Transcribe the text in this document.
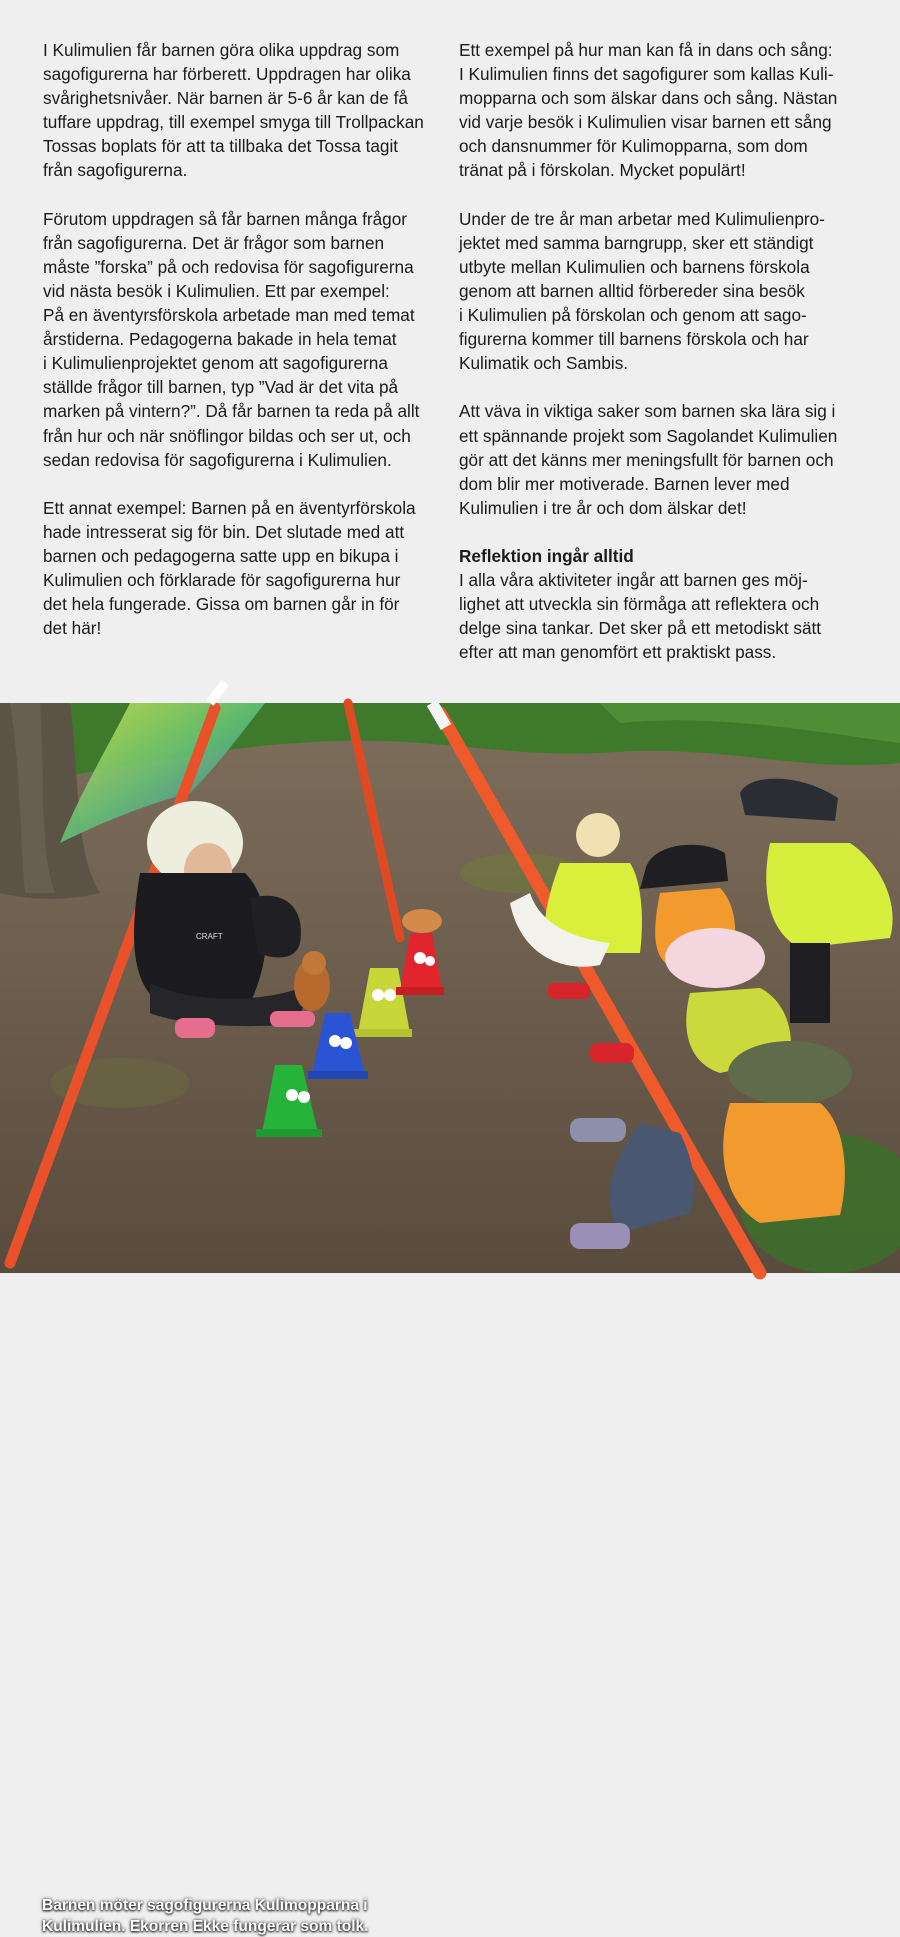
I Kulimulien får barnen göra olika uppdrag som
sagofigurerna har förberett. Uppdragen har olika
svårighetsnivåer. När barnen är 5-6 år kan de få
tuffare uppdrag, till exempel smyga till Trollpackan
Tossas boplats för att ta tillbaka det Tossa tagit
från sagofigurerna.

Förutom uppdragen så får barnen många frågor
från sagofigurerna. Det är frågor som barnen
måste ”forska” på och redovisa för sagofigurerna
vid nästa besök i Kulimulien. Ett par exempel:
På en äventyrsförskola arbetade man med temat
årstiderna. Pedagogerna bakade in hela temat
i Kulimulienprojektet genom att sagofigurerna
ställde frågor till barnen, typ ”Vad är det vita på
marken på vintern?”. Då får barnen ta reda på allt
från hur och när snöflingor bildas och ser ut, och
sedan redovisa för sagofigurerna i Kulimulien.

Ett annat exempel: Barnen på en äventyrförskola
hade intresserat sig för bin. Det slutade med att
barnen och pedagogerna satte upp en bikupa i
Kulimulien och förklarade för sagofigurerna hur
det hela fungerade. Gissa om barnen går in för
det här!

Ett exempel på hur man kan få in dans och sång:
I Kulimulien finns det sagofigurer som kallas Kuli-
mopparna och som älskar dans och sång. Nästan
vid varje besök i Kulimulien visar barnen ett sång
och dansnummer för Kulimopparna, som dom
tränat på i förskolan. Mycket populärt!

Under de tre år man arbetar med Kulimulienpro-
jektet med samma barngrupp, sker ett ständigt
utbyte mellan Kulimulien och barnens förskola
genom att barnen alltid förbereder sina besök
i Kulimulien på förskolan och genom att sago-
figurerna kommer till barnens förskola och har
Kulimatik och Sambis.

Att väva in viktiga saker som barnen ska lära sig i
ett spännande projekt som Sagolandet Kulimulien
gör att det känns mer meningsfullt för barnen och
dom blir mer motiverade. Barnen lever med
Kulimulien i tre år och dom älskar det!

Reflektion ingår alltid

I alla våra aktiviteter ingår att barnen ges möj-
lighet att utveckla sin förmåga att reflektera och
delge sina tankar. Det sker på ett metodiskt sätt
efter att man genomfört ett praktiskt pass.

CRAFT
Barnen möter sagofigurerna Kulimopparna i
Kulimulien. Ekorren Ekke fungerar som tolk.
